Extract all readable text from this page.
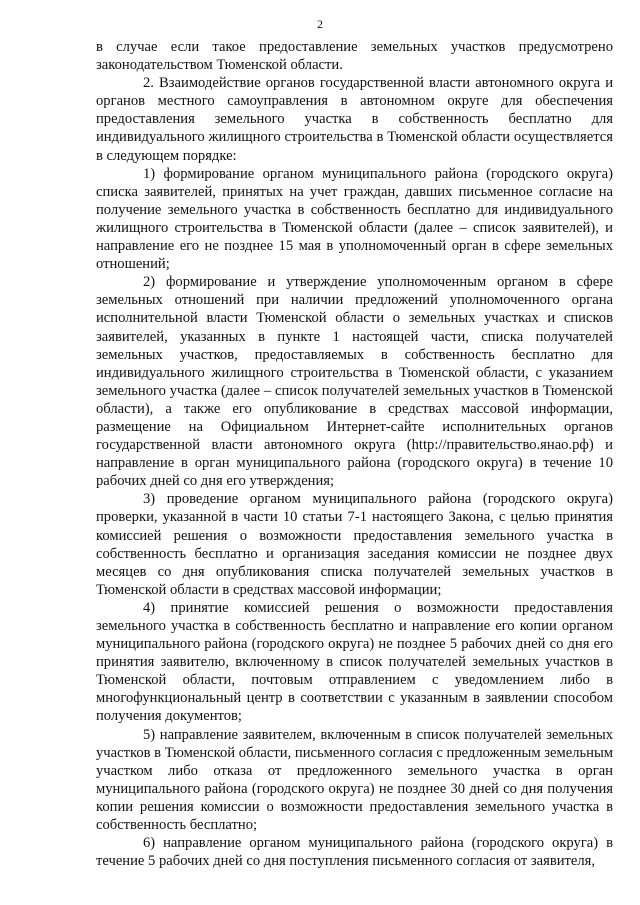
2

в случае если такое предоставление земельных участков предусмотрено законодательством Тюменской области.

2. Взаимодействие органов государственной власти автономного округа и органов местного самоуправления в автономном округе для обеспечения предоставления земельного участка в собственность бесплатно для индивидуального жилищного строительства в Тюменской области осуществляется в следующем порядке:

1) формирование органом муниципального района (городского округа) списка заявителей, принятых на учет граждан, давших письменное согласие на получение земельного участка в собственность бесплатно для индивидуального жилищного строительства в Тюменской области (далее – список заявителей), и направление его не позднее 15 мая в уполномоченный орган в сфере земельных отношений;

2) формирование и утверждение уполномоченным органом в сфере земельных отношений при наличии предложений уполномоченного органа исполнительной власти Тюменской области о земельных участках и списков заявителей, указанных в пункте 1 настоящей части, списка получателей земельных участков, предоставляемых в собственность бесплатно для индивидуального жилищного строительства в Тюменской области, с указанием земельного участка (далее – список получателей земельных участков в Тюменской области), а также его опубликование в средствах массовой информации, размещение на Официальном Интернет-сайте исполнительных органов государственной власти автономного округа (http://правительство.янао.рф) и направление в орган муниципального района (городского округа) в течение 10 рабочих дней со дня его утверждения;

3) проведение органом муниципального района (городского округа) проверки, указанной в части 10 статьи 7-1 настоящего Закона, с целью принятия комиссией решения о возможности предоставления земельного участка в собственность бесплатно и организация заседания комиссии не позднее двух месяцев со дня опубликования списка получателей земельных участков в Тюменской области в средствах массовой информации;

4) принятие комиссией решения о возможности предоставления земельного участка в собственность бесплатно и направление его копии органом муниципального района (городского округа) не позднее 5 рабочих дней со дня его принятия заявителю, включенному в список получателей земельных участков в Тюменской области, почтовым отправлением с уведомлением либо в многофункциональный центр в соответствии с указанным в заявлении способом получения документов;

5) направление заявителем, включенным в список получателей земельных участков в Тюменской области, письменного согласия с предложенным земельным участком либо отказа от предложенного земельного участка в орган муниципального района (городского округа) не позднее 30 дней со дня получения копии решения комиссии о возможности предоставления земельного участка в собственность бесплатно;

6) направление органом муниципального района (городского округа) в течение 5 рабочих дней со дня поступления письменного согласия от заявителя,
